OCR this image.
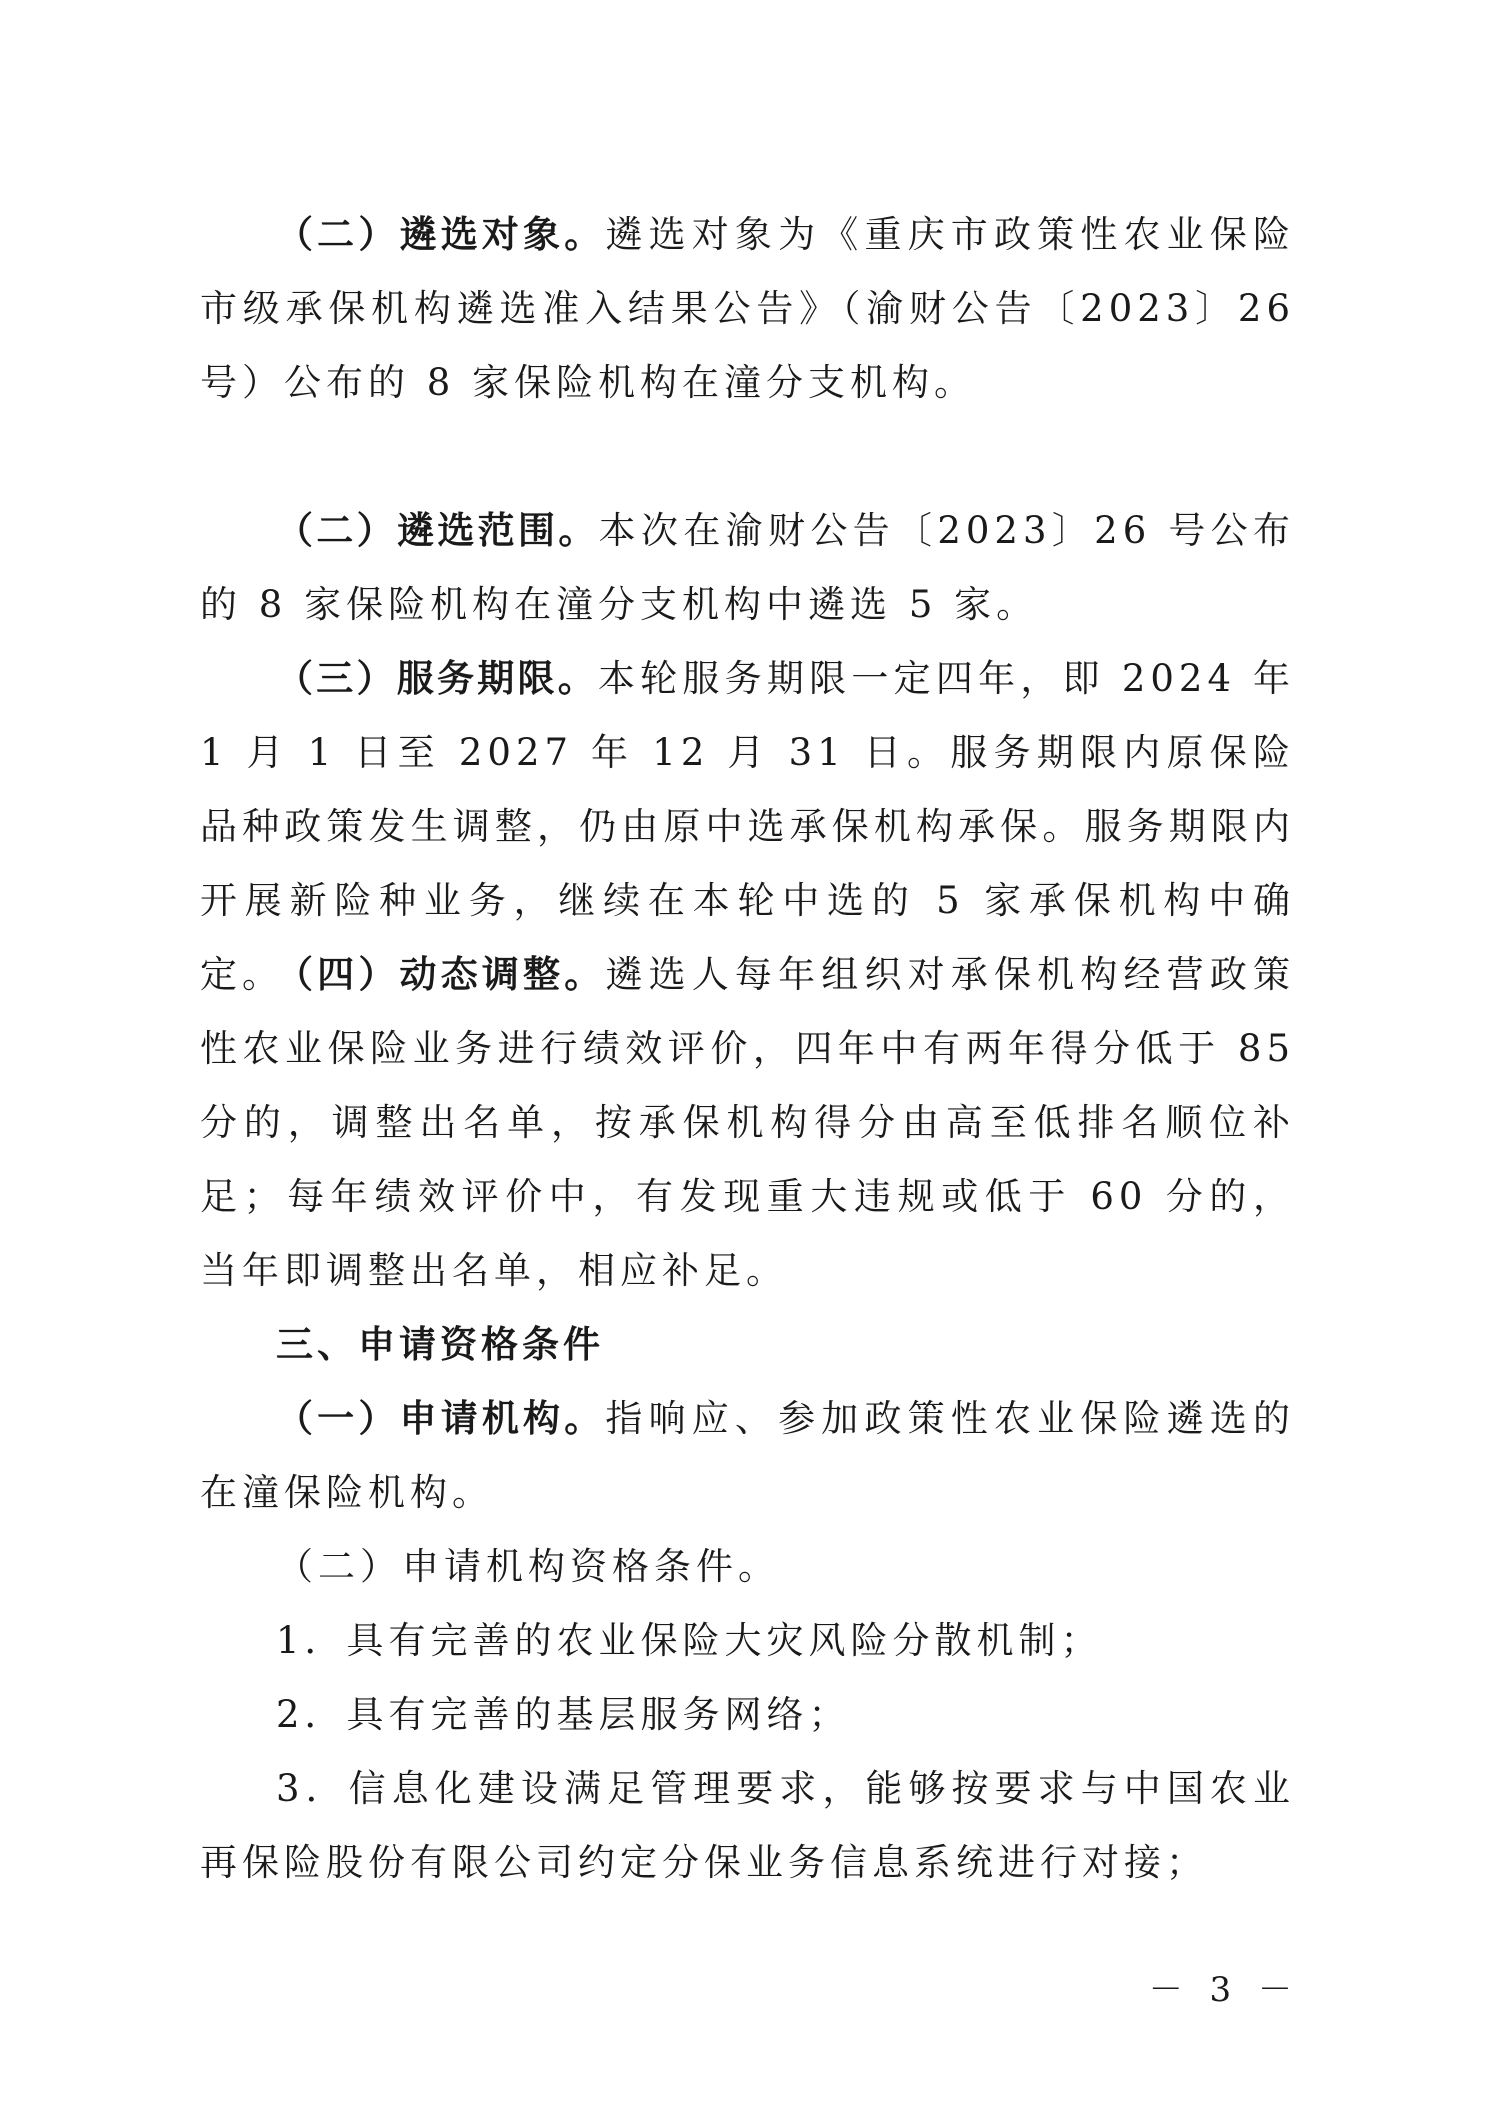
（二）遴选对象。遴选对象为《重庆市政策性农业保险市级承保机构遴选准入结果公告》（渝财公告〔2023〕26 号）公布的 8 家保险机构在潼分支机构。

（二）遴选范围。本次在渝财公告〔2023〕26 号公布的 8 家保险机构在潼分支机构中遴选 5 家。

（三）服务期限。本轮服务期限一定四年，即 2024 年 1 月 1 日至 2027 年 12 月 31 日。服务期限内原保险品种政策发生调整，仍由原中选承保机构承保。服务期限内开展新险种业务，继续在本轮中选的 5 家承保机构中确定。

（四）动态调整。遴选人每年组织对承保机构经营政策性农业保险业务进行绩效评价，四年中有两年得分低于 85 分的，调整出名单，按承保机构得分由高至低排名顺位补足；每年绩效评价中，有发现重大违规或低于 60 分的，当年即调整出名单，相应补足。

三、申请资格条件

（一）申请机构。指响应、参加政策性农业保险遴选的在潼保险机构。

（二）申请机构资格条件。

1．具有完善的农业保险大灾风险分散机制；

2．具有完善的基层服务网络；

3．信息化建设满足管理要求，能够按要求与中国农业再保险股份有限公司约定分保业务信息系统进行对接；

－ 3 －
